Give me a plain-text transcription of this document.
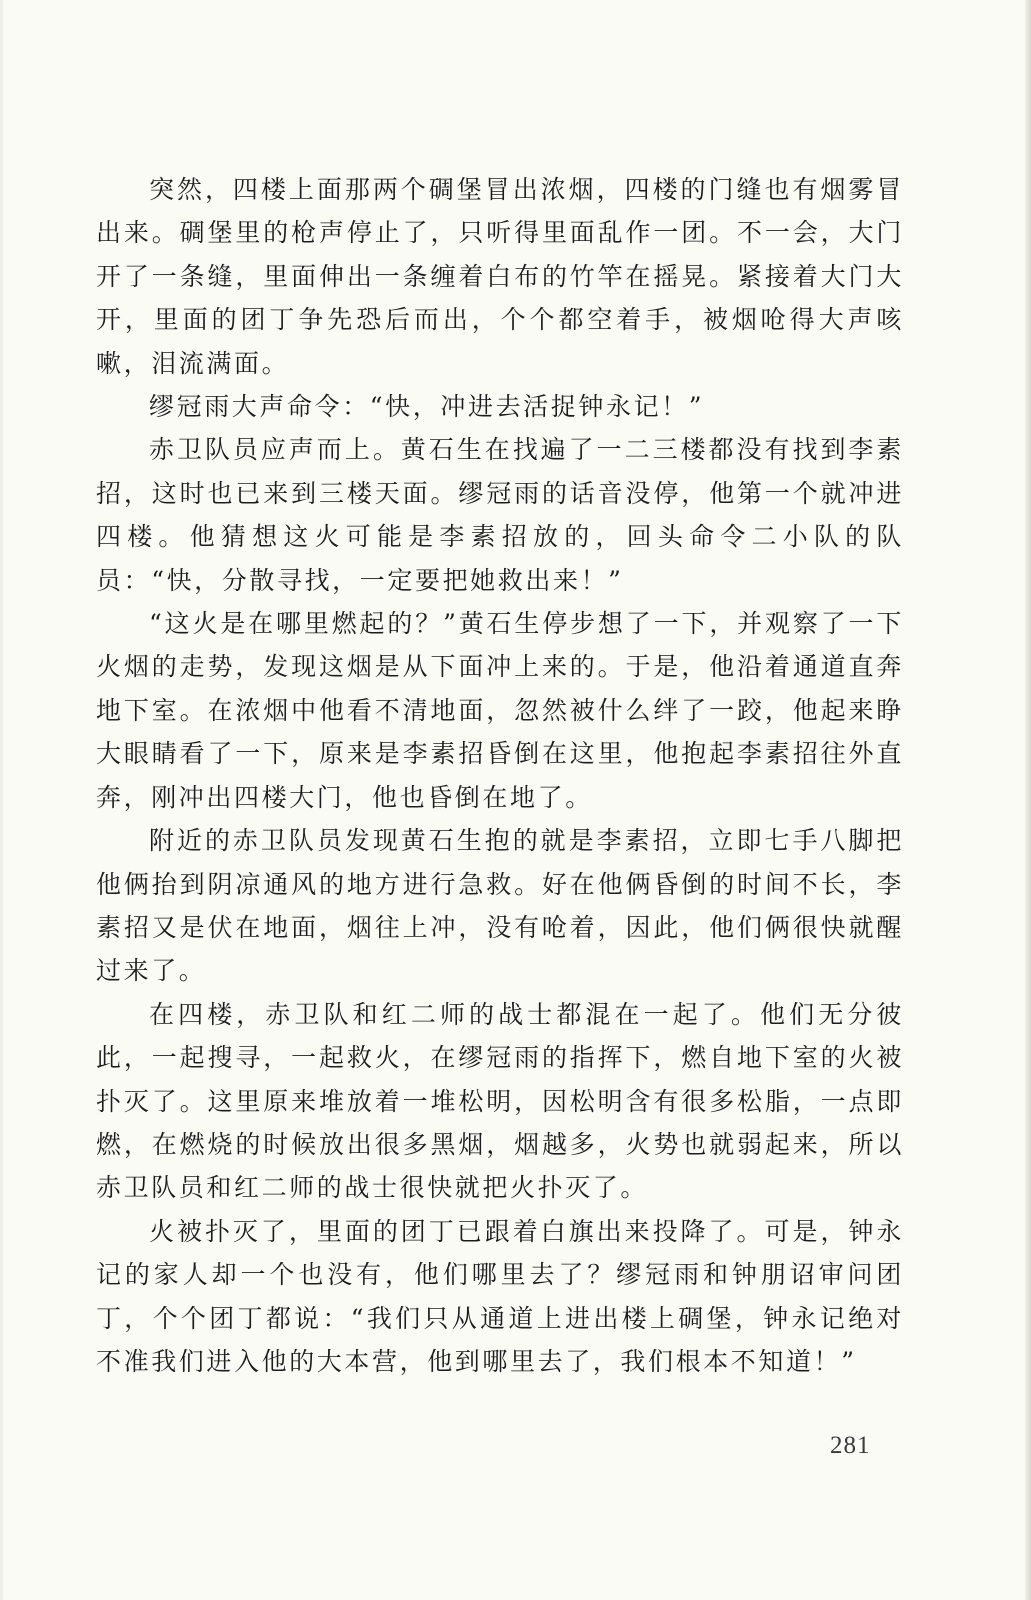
突然，四楼上面那两个碉堡冒出浓烟，四楼的门缝也有烟雾冒出来。碉堡里的枪声停止了，只听得里面乱作一团。不一会，大门开了一条缝，里面伸出一条缠着白布的竹竿在摇晃。紧接着大门大开，里面的团丁争先恐后而出，个个都空着手，被烟呛得大声咳嗽，泪流满面。

缪冠雨大声命令：“快，冲进去活捉钟永记！”

赤卫队员应声而上。黄石生在找遍了一二三楼都没有找到李素招，这时也已来到三楼天面。缪冠雨的话音没停，他第一个就冲进四楼。他猜想这火可能是李素招放的，回头命令二小队的队员：“快，分散寻找，一定要把她救出来！”

“这火是在哪里燃起的？”黄石生停步想了一下，并观察了一下火烟的走势，发现这烟是从下面冲上来的。于是，他沿着通道直奔地下室。在浓烟中他看不清地面，忽然被什么绊了一跤，他起来睁大眼睛看了一下，原来是李素招昏倒在这里，他抱起李素招往外直奔，刚冲出四楼大门，他也昏倒在地了。

附近的赤卫队员发现黄石生抱的就是李素招，立即七手八脚把他俩抬到阴凉通风的地方进行急救。好在他俩昏倒的时间不长，李素招又是伏在地面，烟往上冲，没有呛着，因此，他们俩很快就醒过来了。

在四楼，赤卫队和红二师的战士都混在一起了。他们无分彼此，一起搜寻，一起救火，在缪冠雨的指挥下，燃自地下室的火被扑灭了。这里原来堆放着一堆松明，因松明含有很多松脂，一点即燃，在燃烧的时候放出很多黑烟，烟越多，火势也就弱起来，所以赤卫队员和红二师的战士很快就把火扑灭了。

火被扑灭了，里面的团丁已跟着白旗出来投降了。可是，钟永记的家人却一个也没有，他们哪里去了？缪冠雨和钟朋诏审问团丁，个个团丁都说：“我们只从通道上进出楼上碉堡，钟永记绝对不准我们进入他的大本营，他到哪里去了，我们根本不知道！”

281
